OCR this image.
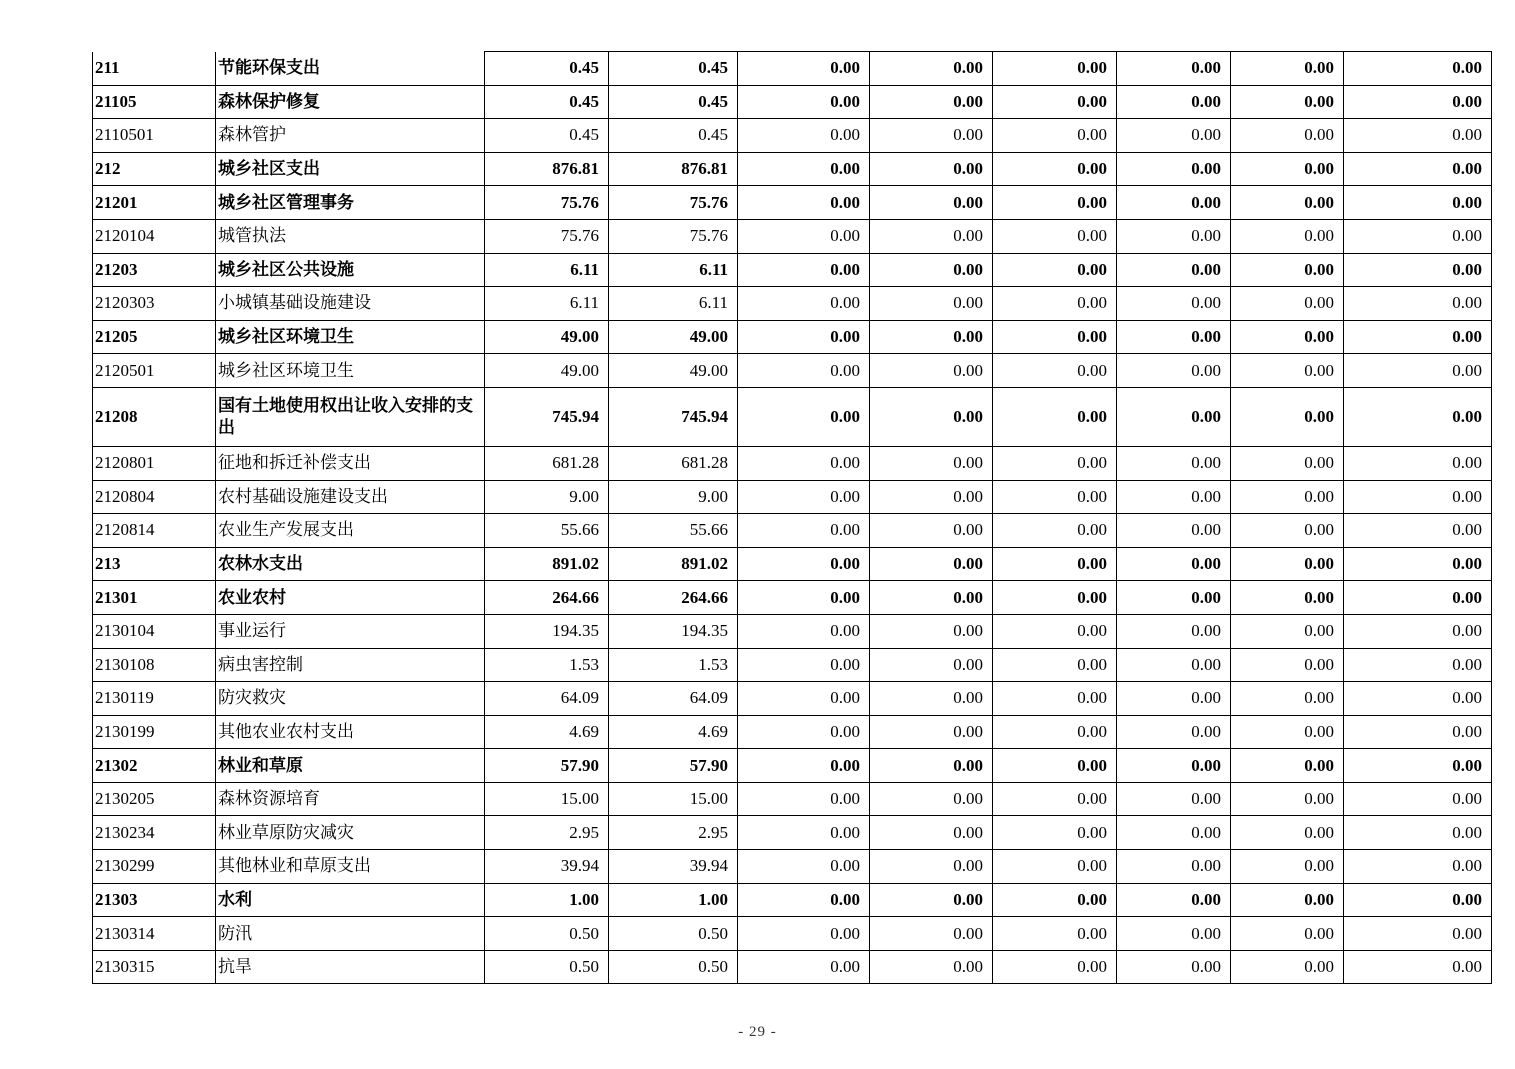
211	节能环保支出	0.45	0.45	0.00	0.00	0.00	0.00	0.00	0.00
21105	森林保护修复	0.45	0.45	0.00	0.00	0.00	0.00	0.00	0.00
2110501	森林管护	0.45	0.45	0.00	0.00	0.00	0.00	0.00	0.00
212	城乡社区支出	876.81	876.81	0.00	0.00	0.00	0.00	0.00	0.00
21201	城乡社区管理事务	75.76	75.76	0.00	0.00	0.00	0.00	0.00	0.00
2120104	城管执法	75.76	75.76	0.00	0.00	0.00	0.00	0.00	0.00
21203	城乡社区公共设施	6.11	6.11	0.00	0.00	0.00	0.00	0.00	0.00
2120303	小城镇基础设施建设	6.11	6.11	0.00	0.00	0.00	0.00	0.00	0.00
21205	城乡社区环境卫生	49.00	49.00	0.00	0.00	0.00	0.00	0.00	0.00
2120501	城乡社区环境卫生	49.00	49.00	0.00	0.00	0.00	0.00	0.00	0.00
21208	国有土地使用权出让收入安排的支出	745.94	745.94	0.00	0.00	0.00	0.00	0.00	0.00
2120801	征地和拆迁补偿支出	681.28	681.28	0.00	0.00	0.00	0.00	0.00	0.00
2120804	农村基础设施建设支出	9.00	9.00	0.00	0.00	0.00	0.00	0.00	0.00
2120814	农业生产发展支出	55.66	55.66	0.00	0.00	0.00	0.00	0.00	0.00
213	农林水支出	891.02	891.02	0.00	0.00	0.00	0.00	0.00	0.00
21301	农业农村	264.66	264.66	0.00	0.00	0.00	0.00	0.00	0.00
2130104	事业运行	194.35	194.35	0.00	0.00	0.00	0.00	0.00	0.00
2130108	病虫害控制	1.53	1.53	0.00	0.00	0.00	0.00	0.00	0.00
2130119	防灾救灾	64.09	64.09	0.00	0.00	0.00	0.00	0.00	0.00
2130199	其他农业农村支出	4.69	4.69	0.00	0.00	0.00	0.00	0.00	0.00
21302	林业和草原	57.90	57.90	0.00	0.00	0.00	0.00	0.00	0.00
2130205	森林资源培育	15.00	15.00	0.00	0.00	0.00	0.00	0.00	0.00
2130234	林业草原防灾减灾	2.95	2.95	0.00	0.00	0.00	0.00	0.00	0.00
2130299	其他林业和草原支出	39.94	39.94	0.00	0.00	0.00	0.00	0.00	0.00
21303	水利	1.00	1.00	0.00	0.00	0.00	0.00	0.00	0.00
2130314	防汛	0.50	0.50	0.00	0.00	0.00	0.00	0.00	0.00
2130315	抗旱	0.50	0.50	0.00	0.00	0.00	0.00	0.00	0.00
- 29 -
